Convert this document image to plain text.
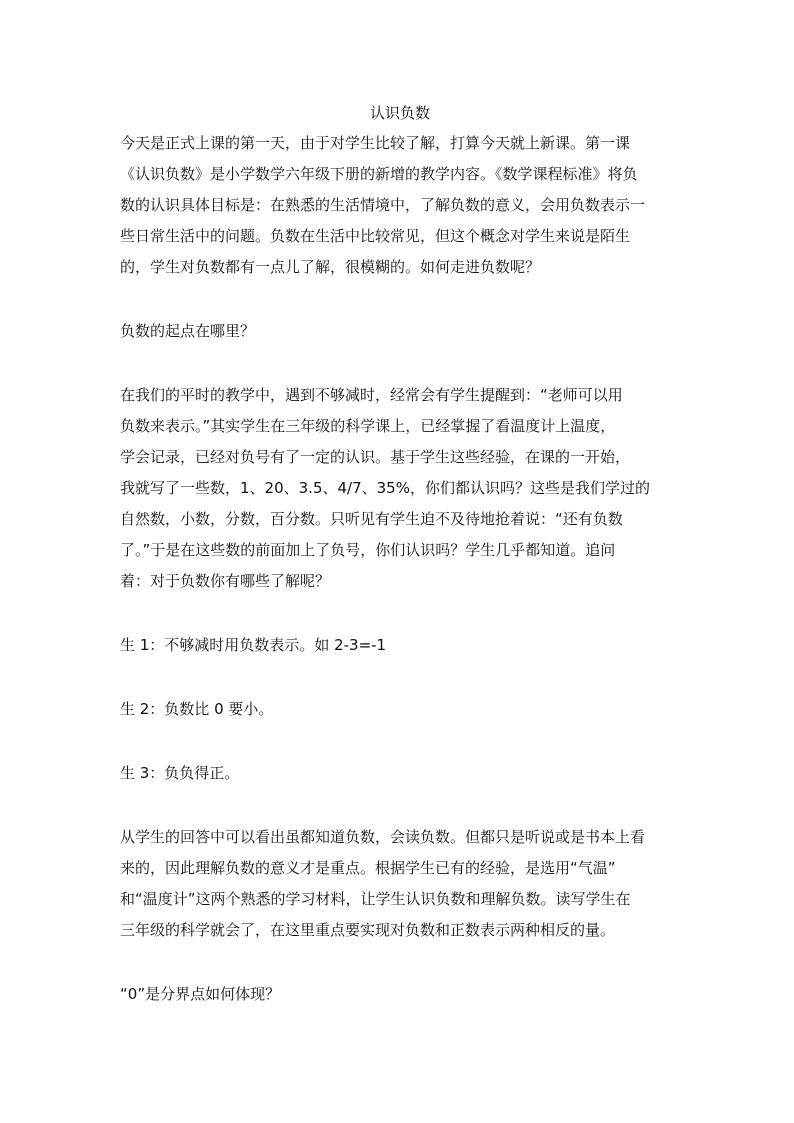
认识负数
今天是正式上课的第一天，由于对学生比较了解，打算今天就上新课。第一课
《认识负数》是小学数学六年级下册的新增的教学内容。《数学课程标准》将负
数的认识具体目标是：在熟悉的生活情境中，了解负数的意义，会用负数表示一
些日常生活中的问题。负数在生活中比较常见，但这个概念对学生来说是陌生
的，学生对负数都有一点儿了解，很模糊的。如何走进负数呢？
负数的起点在哪里？
在我们的平时的教学中，遇到不够减时，经常会有学生提醒到：“老师可以用
负数来表示。”其实学生在三年级的科学课上，已经掌握了看温度计上温度，
学会记录，已经对负号有了一定的认识。基于学生这些经验，在课的一开始，
我就写了一些数，1、20、3.5、4/7、35%，你们都认识吗？这些是我们学过的
自然数，小数，分数，百分数。只听见有学生迫不及待地抢着说：“还有负数
了。”于是在这些数的前面加上了负号，你们认识吗？学生几乎都知道。追问
着：对于负数你有哪些了解呢？
生 1：不够减时用负数表示。如 2-3=-1
生 2：负数比 0 要小。
生 3：负负得正。
从学生的回答中可以看出虽都知道负数，会读负数。但都只是听说或是书本上看
来的，因此理解负数的意义才是重点。根据学生已有的经验，是选用“气温”
和“温度计”这两个熟悉的学习材料，让学生认识负数和理解负数。读写学生在
三年级的科学就会了，在这里重点要实现对负数和正数表示两种相反的量。
“0”是分界点如何体现？
